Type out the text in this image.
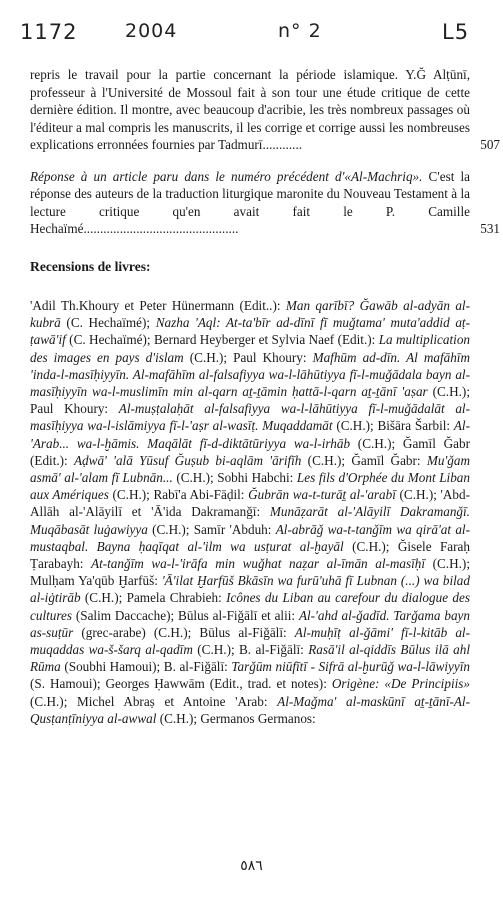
1172	2004	n° 2	L5

repris le travail pour la partie concernant la période islamique. Y.Ğ Alṭūnī, professeur à l'Université de Mossoul fait à son tour une étude critique de cette dernière édition. Il montre, avec beaucoup d'acribie, les très nombreux passages où l'éditeur a mal compris les manuscrits, il les corrige et corrige aussi les nombreuses explications erronnées fournies par Tadmurī............	507

Réponse à un article paru dans le numéro précédent d'«Al-Machriq». C'est la réponse des auteurs de la traduction liturgique maronite du Nouveau Testament à la lecture critique qu'en avait fait le P. Camille Hechaïmé...............................................	531

Recensions de livres:

'Adil Th.Khoury et Peter Hünermann (Edit..): Man qarībī? Ğawāb al-adyān al-kubrā (C. Hechaïmé); Nazha 'Aql: At-ta'bīr ad-dīnī fī muǧtama' muta'addid aṭ-ṭawā'if (C. Hechaïmé); Bernard Heyberger et Sylvia Naef (Edit.): La multiplication des images en pays d'islam (C.H.); Paul Khoury: Mafhūm ad-dīn. Al mafāhīm 'inda-l-masīḥiyyīn. Al-mafāhīm al-falsafiyya wa-l-lāhūtiyya fī-l-muǧādala bayn al-masīḥiyyīn wa-l-muslimīn min al-qarn aṯ-ṯāmin ḥattā-l-qarn aṯ-ṯānī 'aṣar (C.H.); Paul Khoury: Al-muṣṭalaḥāt al-falsafiyya wa-l-lāhūtiyya fī-l-muǧādalāt al-masīḥiyya wa-l-islāmiyya fī-l-'aṣr al-wasīṭ. Muqaddamāt (C.H.); Bišāra Šarbil: Al-'Arab... wa-l-ḫāmis. Maqālāt fī-d-diktātūriyya wa-l-irhāb (C.H.); Ğamīl Ğabr (Edit.): Aḍwā' 'alā Yūsuf Ğuṣub bi-aqlām 'ārifīh (C.H.); Ğamīl Ğabr: Mu'ǧam asmā' al-'alam fī Lubnān... (C.H.); Sobhi Habchi: Les fils d'Orphée du Mont Liban aux Amériques (C.H.); Rabī'a Abi-Fāḍil: Ğubrān wa-t-turāṯ al-'arabī (C.H.); 'Abd-Allāh al-'Alāyilī et 'Ā'ida Dakramanǧī: Munāẓarāt al-'Alāyilī Dakramanǧī. Muqābasāt luġawiyya (C.H.); Samīr 'Abduh: Al-abrāǧ wa-t-tanǧīm wa qirā'at al-mustaqbal. Bayna ḥaqīqat al-'ilm wa usṭurat al-ḫayāl (C.H.); Ğisele Faraḥ Ṭarabayh: At-tanǧīm wa-l-'irāfa min wuǧhat naẓar al-īmān al-masīḥī (C.H.); Mulḥam Ya'qūb Ḫarfūš: 'Ā'ilat Ḫarfūš Bkāsīn wa furū'uhā fī Lubnan (...) wa bilad al-iġtirāb (C.H.); Pamela Chrabieh: Icônes du Liban au carefour du dialogue des cultures (Salim Daccache); Būlus al-Fiǧālī et alii: Al-'ahd al-ǧadīd. Tarǧama bayn as-suṭūr (grec-arabe) (C.H.); Būlus al-Fiǧālī: Al-muḥīṭ al-ǧāmi' fī-l-kitāb al-muqaddas wa-š-šarq al-qadīm (C.H.); B. al-Fiǧālī: Rasā'il al-qiddīs Būlus ilā ahl Rūma (Soubhi Hamoui); B. al-Fiǧālī: Tarǧūm niūfītī - Sifrā al-ḫurūǧ wa-l-lāwiyyīn (S. Hamoui); Georges Ḥawwām (Edit., trad. et notes): Origène: «De Principiis» (C.H.); Michel Abraṣ et Antoine 'Arab: Al-Maǧma' al-maskūnī aṯ-ṯānī-Al-Qusṭanṭīniyya al-awwal (C.H.); Germanos Germanos:

٥٨٦
